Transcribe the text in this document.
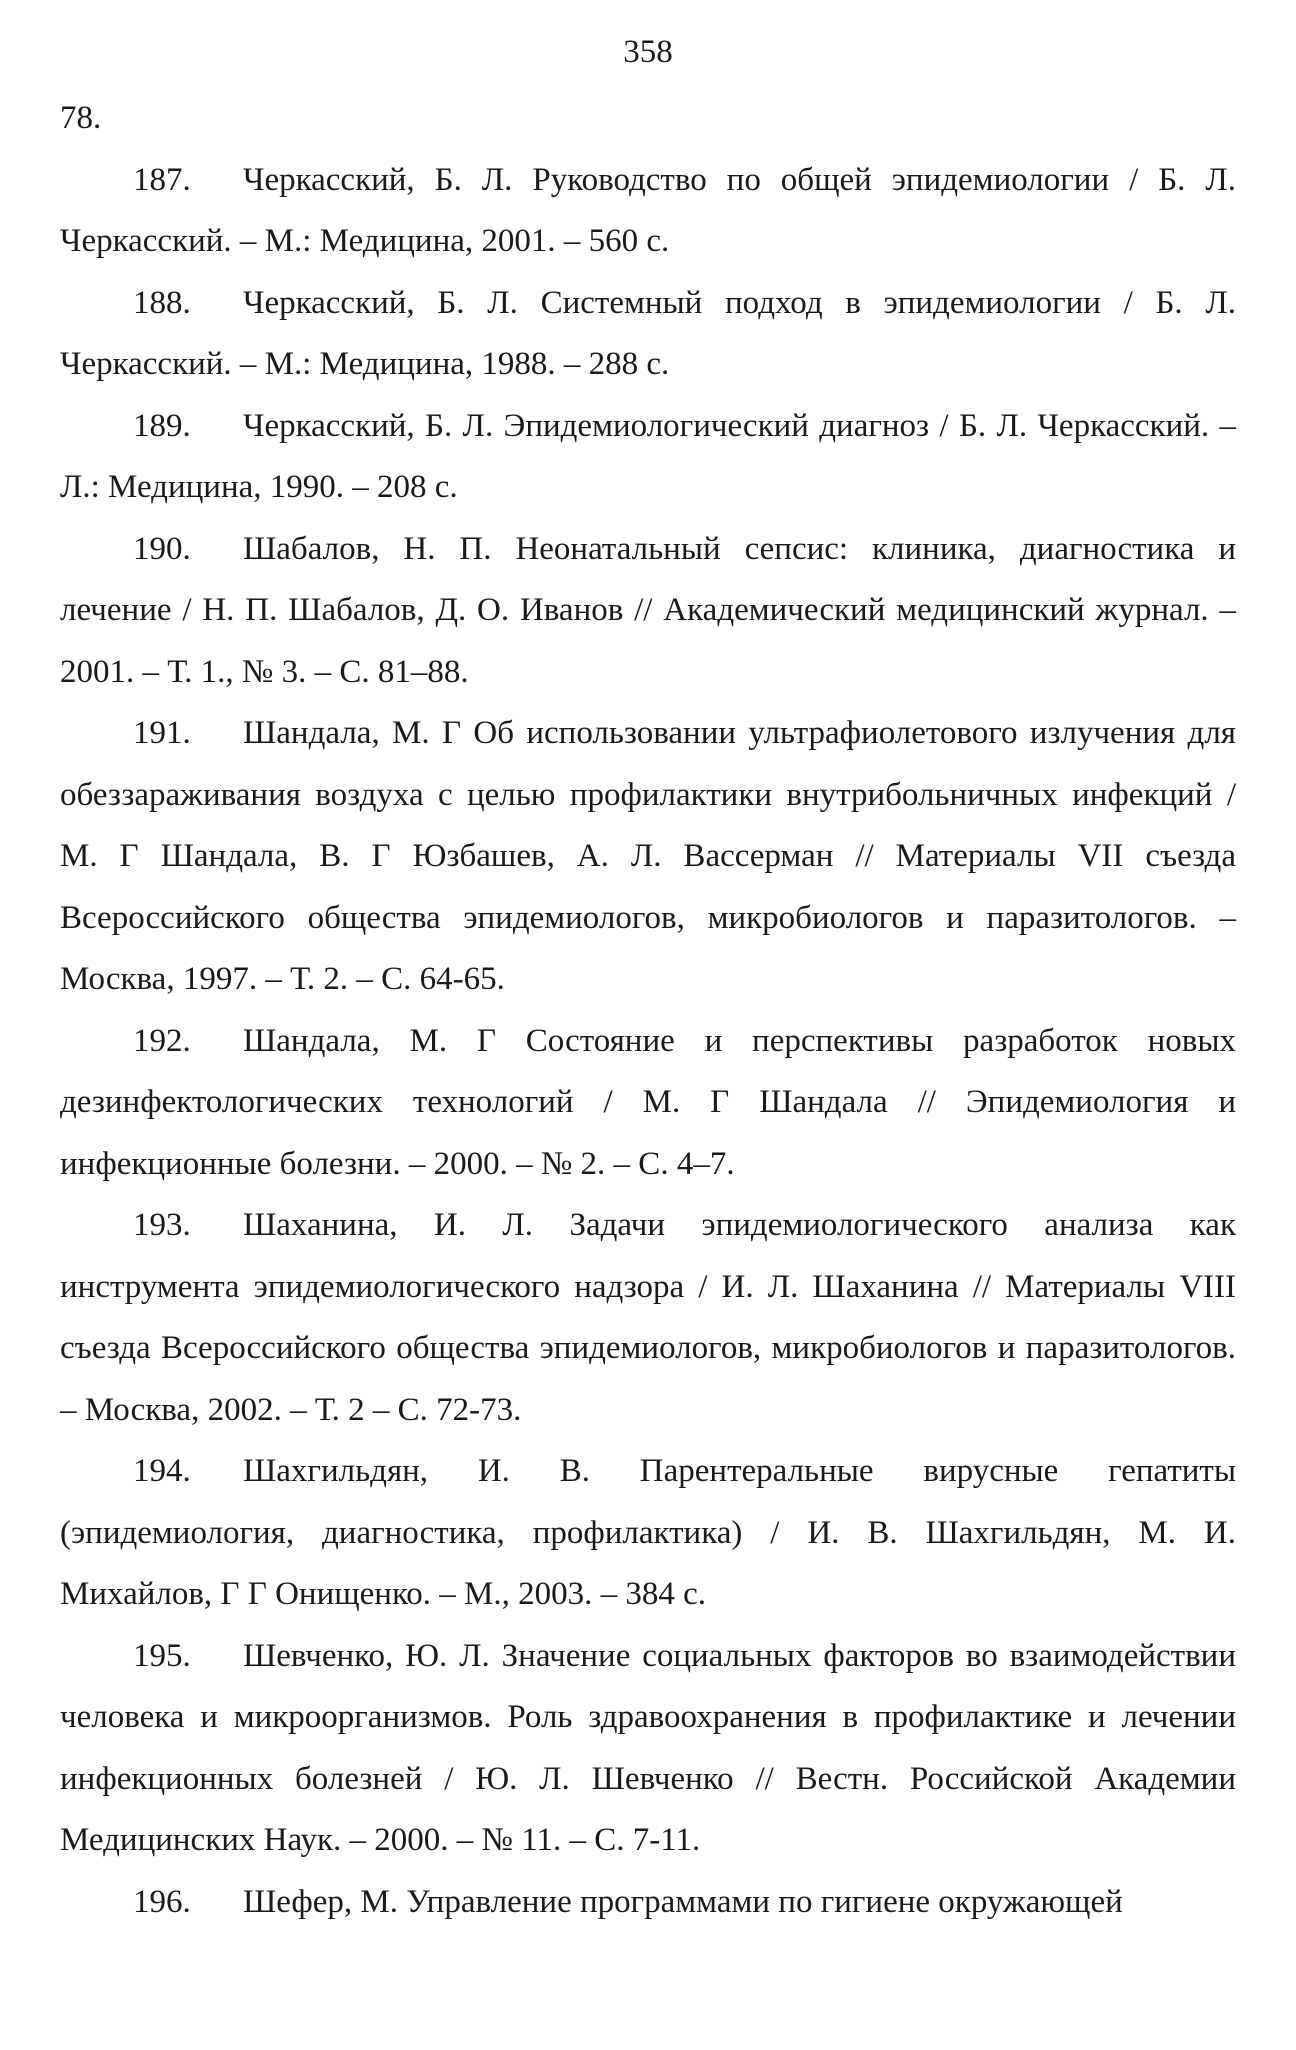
358

78.

187. Черкасский, Б. Л. Руководство по общей эпидемиологии / Б. Л. Черкасский. – М.: Медицина, 2001. – 560 с.

188. Черкасский, Б. Л. Системный подход в эпидемиологии / Б. Л. Черкасский. – М.: Медицина, 1988. – 288 с.

189. Черкасский, Б. Л. Эпидемиологический диагноз / Б. Л. Черкасский. – Л.: Медицина, 1990. – 208 с.

190. Шабалов, Н. П. Неонатальный сепсис: клиника, диагностика и лечение / Н. П. Шабалов, Д. О. Иванов // Академический медицинский журнал. – 2001. – Т. 1., № 3. – С. 81–88.

191. Шандала, М. Г Об использовании ультрафиолетового излучения для обеззараживания воздуха с целью профилактики внутрибольничных инфекций / М. Г Шандала, В. Г Юзбашев, А. Л. Вассерман // Материалы VII съезда Всероссийского общества эпидемиологов, микробиологов и паразитологов. – Москва, 1997. – Т. 2. – С. 64-65.

192. Шандала, М. Г Состояние и перспективы разработок новых дезинфектологических технологий / М. Г Шандала // Эпидемиология и инфекционные болезни. – 2000. – № 2. – С. 4–7.

193. Шаханина, И. Л. Задачи эпидемиологического анализа как инструмента эпидемиологического надзора / И. Л. Шаханина // Материалы VIII съезда Всероссийского общества эпидемиологов, микробиологов и паразитологов. – Москва, 2002. – Т. 2 – С. 72-73.

194. Шахгильдян, И. В. Парентеральные вирусные гепатиты (эпидемиология, диагностика, профилактика) / И. В. Шахгильдян, М. И. Михайлов, Г Г Онищенко. – М., 2003. – 384 с.

195. Шевченко, Ю. Л. Значение социальных факторов во взаимодействии человека и микроорганизмов. Роль здравоохранения в профилактике и лечении инфекционных болезней / Ю. Л. Шевченко // Вестн. Российской Академии Медицинских Наук. – 2000. – № 11. – С. 7-11.

196. Шефер, М. Управление программами по гигиене окружающей
